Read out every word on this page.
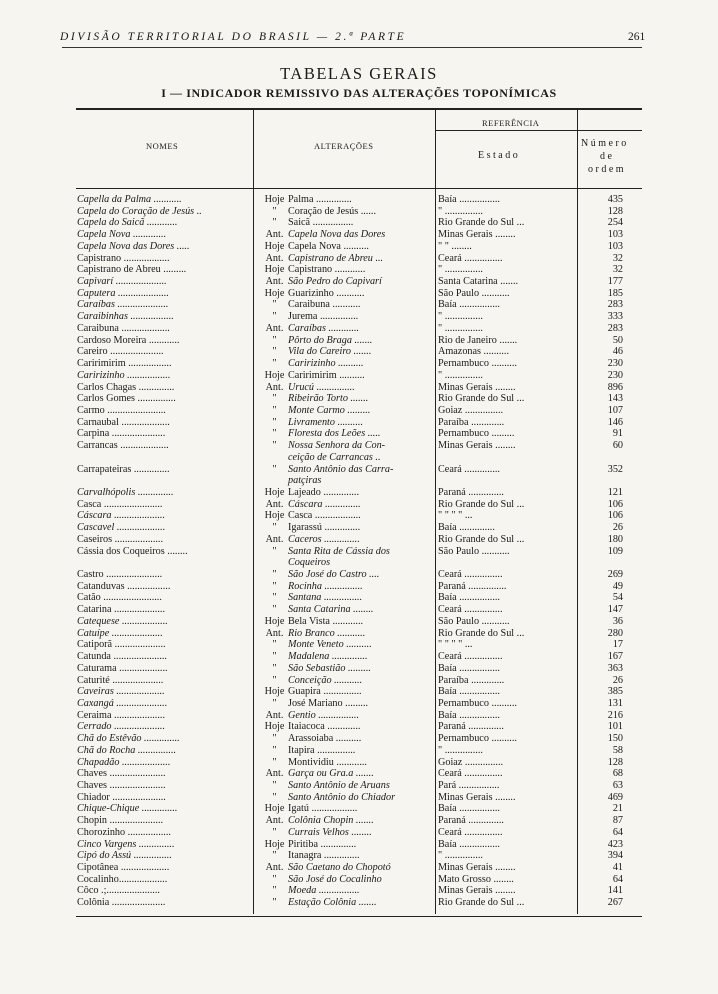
DIVISÃO TERRITORIAL DO BRASIL — 2.ª PARTE	261
TABELAS GERAIS
I — INDICADOR REMISSIVO DAS ALTERAÇÕES TOPONÍMICAS
NOMES	ALTERAÇÕES
REFERÊNCIA
Estado
Número
de
ordem
Capella da Palma ...........	Hoje Palma ..............	Baía ................	435
Capela do Coração de Jesús ..	" Coração de Jesús ......	" ...............	128
Capela do Saicã ............	" Saicã ................	Rio Grande do Sul ...	254
Capela Nova .............	Ant. Capela Nova das Dores	Minas Gerais ........	103
Capela Nova das Dores .....	Hoje Capela Nova ..........	" " ........	103
Capistrano ..................	Ant. Capistrano de Abreu ...	Ceará ...............	32
Capistrano de Abreu .........	Hoje Capistrano ............	" ...............	32
Capivarí ....................	Ant. São Pedro do Capivarí	Santa Catarina .......	177
Caputera ....................	Hoje Guarizinho ...........	São Paulo ...........	185
Caraíbas ....................	" Caraibuna ...........	Baía ................	283
Caraibinhas .................	" Jurema ...............	" ...............	333
Caraibuna ...................	Ant. Caraíbas ............	" ...............	283
Cardoso Moreira ............	" Pôrto do Braga .......	Rio de Janeiro .......	50
Careiro .....................	" Vila do Careiro .......	Amazonas ..........	46
Caririmirim .................	" Caririzinho ..........	Pernambuco ..........	230
Caririzinho .................	Hoje Caririmirim ..........	" ...............	230
Carlos Chagas ..............	Ant. Urucú ...............	Minas Gerais ........	896
Carlos Gomes ...............	" Ribeirão Torto .......	Rio Grande do Sul ...	143
Carmo .......................	" Monte Carmo .........	Goiaz ...............	107
Carnaubal ...................	" Livramento ..........	Paraíba .............	146
Carpina .....................	" Floresta dos Leões .....	Pernambuco .........	91
Carrancas ...................	" Nossa Senhora da Con-	Minas Gerais ........	60
ceição de Carrancas ..
Carrapateiras ..............	" Santo Antônio das Carra-	Ceará ..............	352
patçiras
Carvalhópolis ..............	Hoje Lajeado ..............	Paraná ..............	121
Casca .......................	Ant. Cáscara ..............	Rio Grande do Sul ...	106
Cáscara ....................	Hoje Casca ..................	" " " " ...	106
Cascavel ...................	" Igarassú ..............	Baía ..............	26
Caseiros ...................	Ant. Caceros ..............	Rio Grande do Sul ...	180
Cássia dos Coqueiros ........	" Santa Rita de Cássia dos	São Paulo ...........	109
Coqueiros
Castro ......................	" São José do Castro ....	Ceará ...............	269
Catanduvas .................	" Rocinha ...............	Paraná ...............	49
Catão .......................	" Santana ...............	Baía ................	54
Catarina ....................	" Santa Catarina ........	Ceará ...............	147
Catequese ..................	Hoje Bela Vista ............	São Paulo ...........	36
Catuípe ....................	Ant. Rio Branco ...........	Rio Grande do Sul ...	280
Catiporã ....................	" Monte Veneto ..........	" " " " ...	17
Catunda .....................	" Madalena ..............	Ceará ...............	167
Caturama ...................	" São Sebastião .........	Baía ................	363
Caturité ....................	" Conceição ...........	Paraíba .............	26
Caveiras ...................	Hoje Guapira ...............	Baía ................	385
Caxangá ....................	" José Mariano .........	Pernambuco ..........	131
Ceraima ....................	Ant. Gentio ................	Baía ................	216
Cerrado ....................	Hoje Itaiacoca .............	Paraná ..............	101
Chã do Estêvão ..............	" Arassoiaba ..........	Pernambuco ..........	150
Chã do Rocha ...............	" Itapira ...............	" ...............	58
Chapadão ...................	" Montividiu ............	Goiaz ...............	128
Chaves ......................	Ant. Garça ou Gra.a .......	Ceará ...............	68
Chaves ......................	" Santo Antônio de Aruans	Pará ................	63
Chiador .....................	" Santo Antônio do Chiador	Minas Gerais ........	469
Chique-Chique ..............	Hoje Igatú ..................	Baía ................	21
Chopin .....................	Ant. Colônia Chopin .......	Paraná ..............	87
Chorozinho .................	" Currais Velhos ........	Ceará ...............	64
Cinco Vargens ..............	Hoje Piritiba ..............	Baía ................	423
Cipó do Assú ...............	" Itanagra ..............	" ...............	394
Cipotânea ...................	Ant. São Caetano do Chopotó	Minas Gerais ........	41
Cocalinho...................	" São José do Cocalinho	Mato Grosso ........	64
Côco .;.....................	" Moeda ................	Minas Gerais ........	141
Colônia .....................	" Estação Colônia .......	Rio Grande do Sul ...	267
